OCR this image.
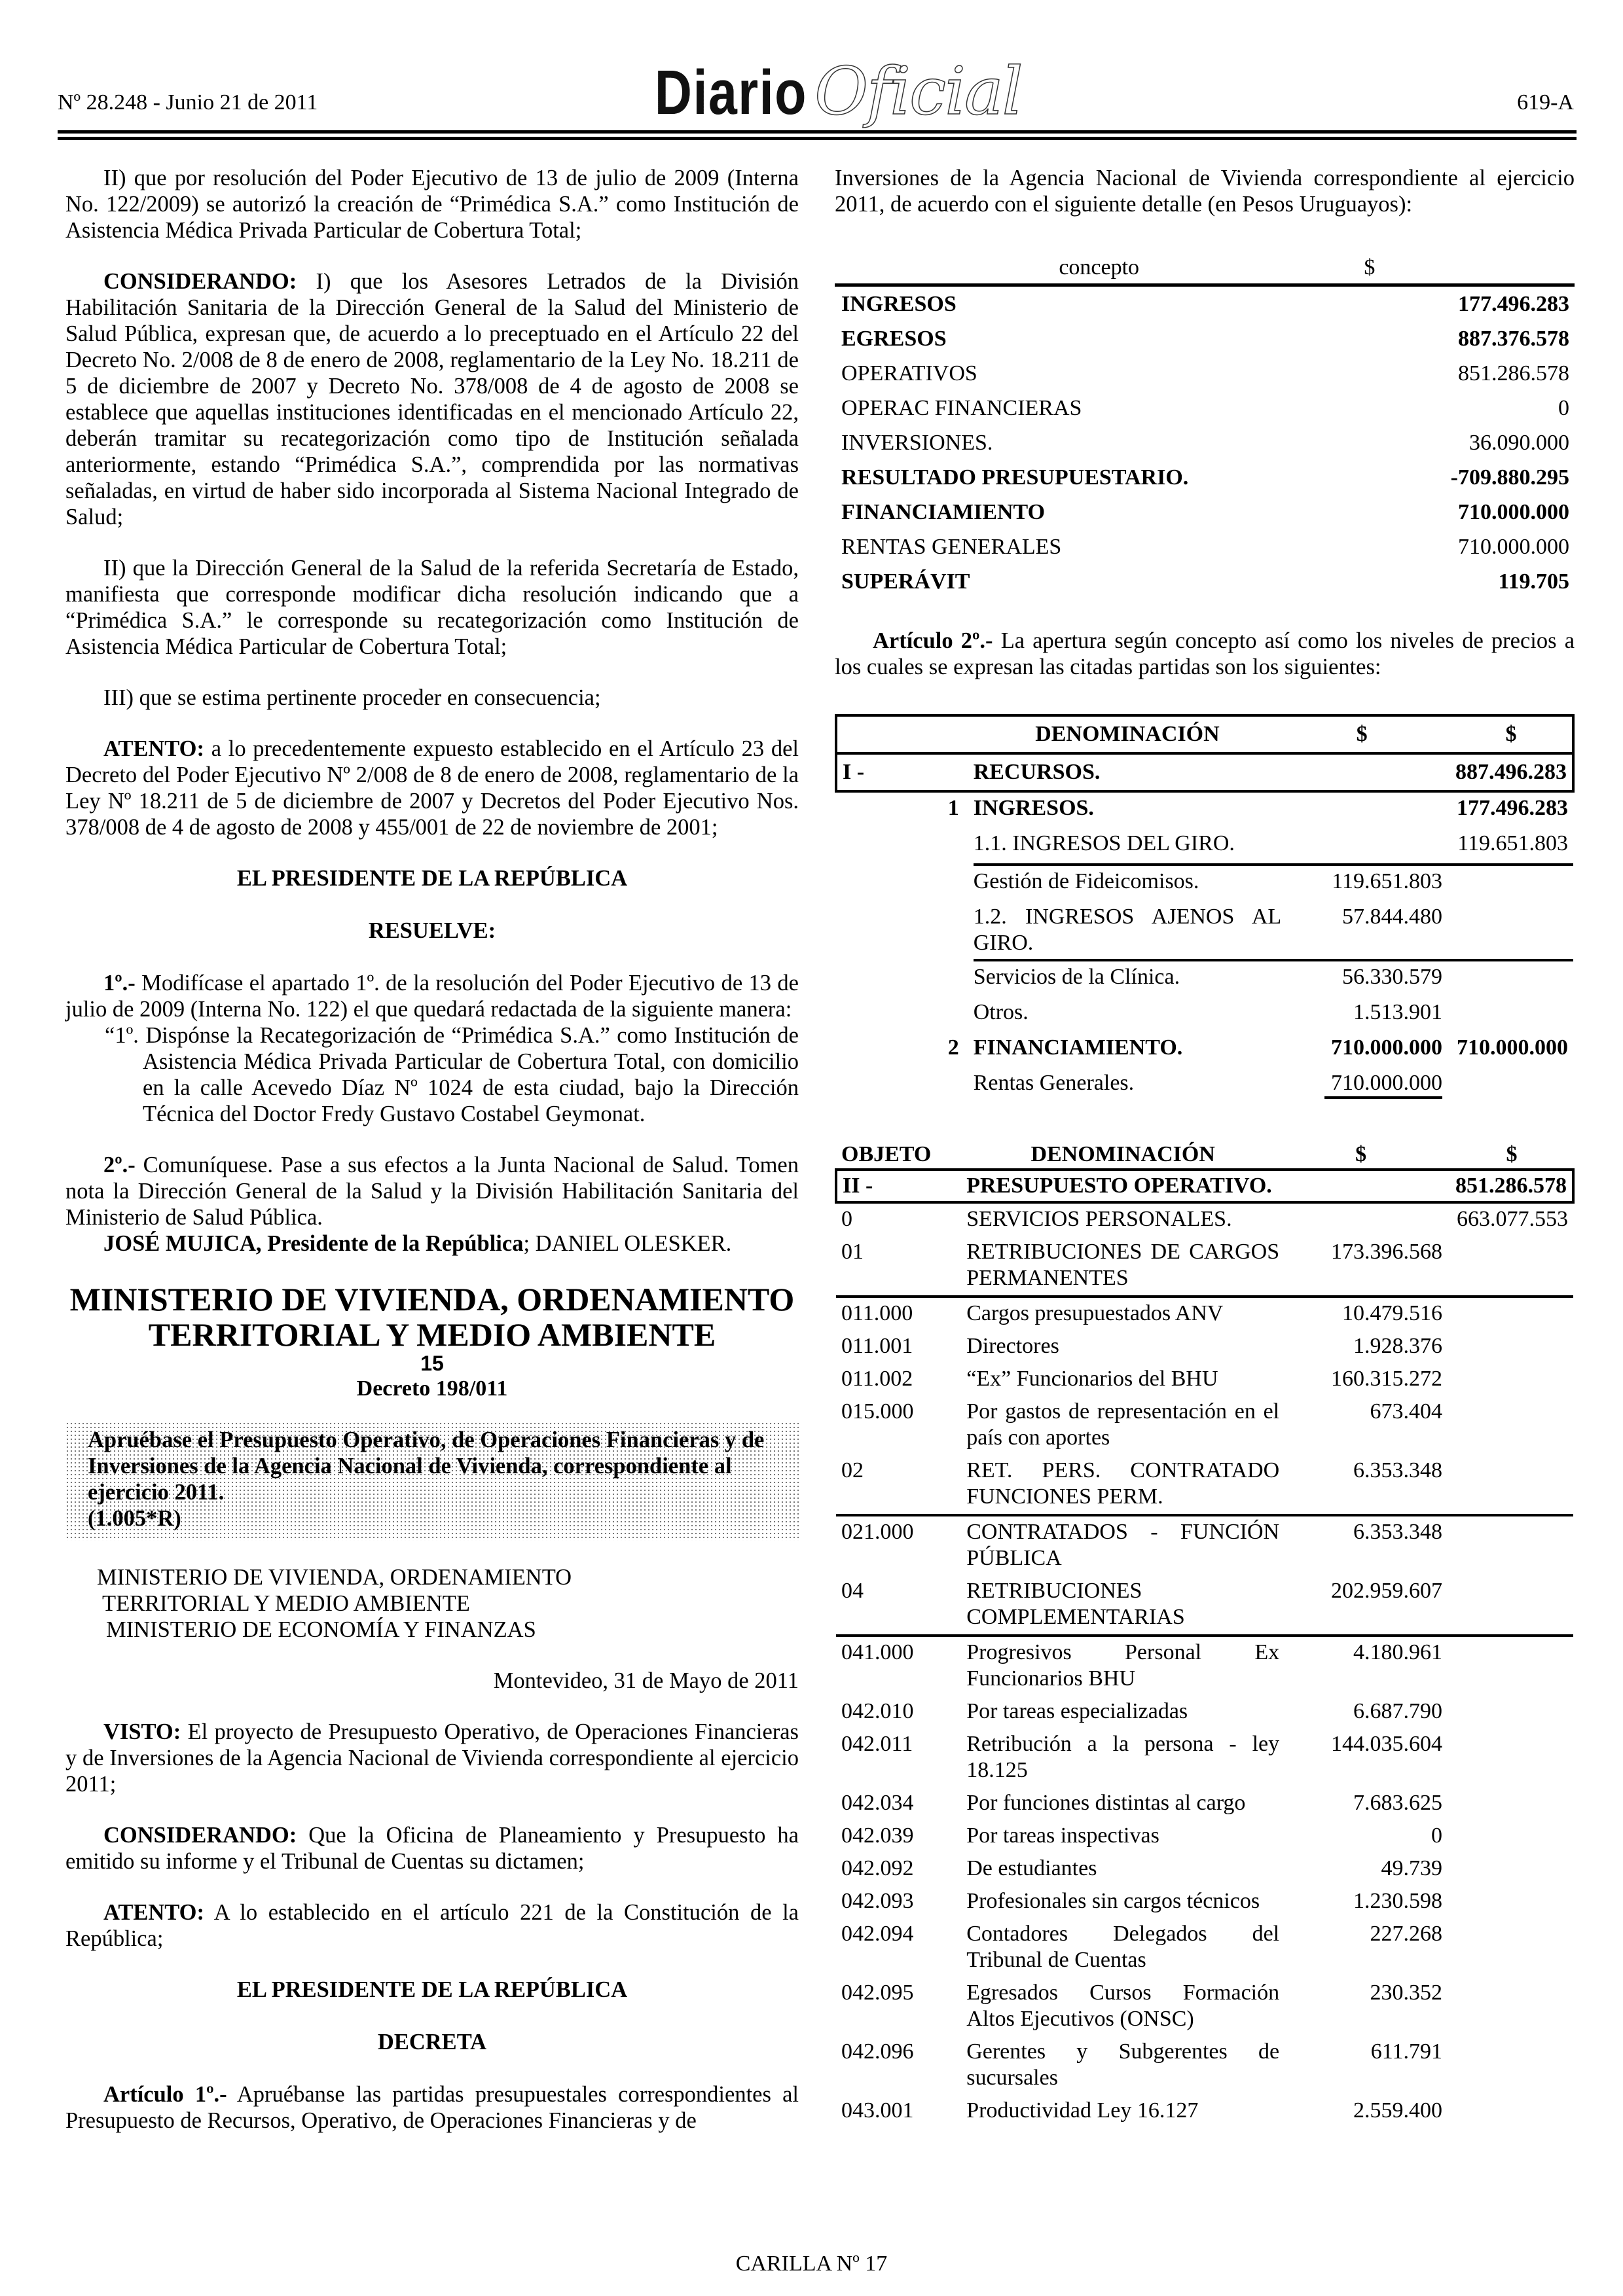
Nº 28.248 - Junio 21 de 2011	Diario Oficial	619-A

II) que por resolución del Poder Ejecutivo de 13 de julio de 2009 (Interna No. 122/2009) se autorizó la creación de “Primédica S.A.” como Institución de Asistencia Médica Privada Particular de Cobertura Total;

CONSIDERANDO: I) que los Asesores Letrados de la División Habilitación Sanitaria de la Dirección General de la Salud del Ministerio de Salud Pública, expresan que, de acuerdo a lo preceptuado en el Artículo 22 del Decreto No. 2/008 de 8 de enero de 2008, reglamentario de la Ley No. 18.211 de 5 de diciembre de 2007 y Decreto No. 378/008 de 4 de agosto de 2008 se establece que aquellas instituciones identificadas en el mencionado Artículo 22, deberán tramitar su recategorización como tipo de Institución señalada anteriormente, estando “Primédica S.A.”, comprendida por las normativas señaladas, en virtud de haber sido incorporada al Sistema Nacional Integrado de Salud;

II) que la Dirección General de la Salud de la referida Secretaría de Estado, manifiesta que corresponde modificar dicha resolución indicando que a “Primédica S.A.” le corresponde su recategorización como Institución de Asistencia Médica Particular de Cobertura Total;

III) que se estima pertinente proceder en consecuencia;

ATENTO: a lo precedentemente expuesto establecido en el Artículo 23 del Decreto del Poder Ejecutivo Nº 2/008 de 8 de enero de 2008, reglamentario de la Ley Nº 18.211 de 5 de diciembre de 2007 y Decretos del Poder Ejecutivo Nos. 378/008 de 4 de agosto de 2008 y 455/001 de 22 de noviembre de 2001;

EL PRESIDENTE DE LA REPÚBLICA
RESUELVE:

1º.- Modifícase el apartado 1º. de la resolución del Poder Ejecutivo de 13 de julio de 2009 (Interna No. 122) el que quedará redactada de la siguiente manera:

“1º. Dispónse la Recategorización de “Primédica S.A.” como Institución de Asistencia Médica Privada Particular de Cobertura Total, con domicilio en la calle Acevedo Díaz Nº 1024 de esta ciudad, bajo la Dirección Técnica del Doctor Fredy Gustavo Costabel Geymonat.

2º.- Comuníquese. Pase a sus efectos a la Junta Nacional de Salud. Tomen nota la Dirección General de la Salud y la División Habilitación Sanitaria del Ministerio de Salud Pública.

JOSÉ MUJICA, Presidente de la República; DANIEL OLESKER.

MINISTERIO DE VIVIENDA, ORDENAMIENTO
TERRITORIAL Y MEDIO AMBIENTE
15
Decreto 198/011
Apruébase el Presupuesto Operativo, de Operaciones Financieras y de Inversiones de la Agencia Nacional de Vivienda, correspondiente al ejercicio 2011.
(1.005*R)
MINISTERIO DE VIVIENDA, ORDENAMIENTO
TERRITORIAL Y MEDIO AMBIENTE
MINISTERIO DE ECONOMÍA Y FINANZAS
Montevideo, 31 de Mayo de 2011

VISTO: El proyecto de Presupuesto Operativo, de Operaciones Financieras y de Inversiones de la Agencia Nacional de Vivienda correspondiente al ejercicio 2011;

CONSIDERANDO: Que la Oficina de Planeamiento y Presupuesto ha emitido su informe y el Tribunal de Cuentas su dictamen;

ATENTO: A lo establecido en el artículo 221 de la Constitución de la República;

EL PRESIDENTE DE LA REPÚBLICA
DECRETA

Artículo 1º.- Apruébanse las partidas presupuestales correspondientes al Presupuesto de Recursos, Operativo, de Operaciones Financieras y de

Inversiones de la Agencia Nacional de Vivienda correspondiente al ejercicio 2011, de acuerdo con el siguiente detalle (en Pesos Uruguayos):

concepto	$
INGRESOS	177.496.283
EGRESOS	887.376.578
OPERATIVOS	851.286.578
OPERAC FINANCIERAS	0
INVERSIONES.	36.090.000
RESULTADO PRESUPUESTARIO.	-709.880.295
FINANCIAMIENTO	710.000.000
RENTAS GENERALES	710.000.000
SUPERÁVIT	119.705

Artículo 2º.- La apertura según concepto así como los niveles de precios a los cuales se expresan las citadas partidas son los siguientes:

	DENOMINACIÓN	$	$
I -	RECURSOS.		887.496.283
1	INGRESOS.		177.496.283
	1.1. INGRESOS DEL GIRO.		119.651.803
	Gestión de Fideicomisos.	119.651.803	
	1.2. INGRESOS AJENOS AL GIRO.	57.844.480	
	Servicios de la Clínica.	56.330.579	
	Otros.	1.513.901	
2	FINANCIAMIENTO.	710.000.000	710.000.000
	Rentas Generales.	710.000.000	
OBJETO	DENOMINACIÓN	$	$
II -	PRESUPUESTO OPERATIVO.		851.286.578
0	SERVICIOS PERSONALES.		663.077.553
01	RETRIBUCIONES DE CARGOS PERMANENTES	173.396.568	
011.000	Cargos presupuestados ANV	10.479.516	
011.001	Directores	1.928.376	
011.002	“Ex” Funcionarios del BHU	160.315.272	
015.000	Por gastos de representación en el país con aportes	673.404	
02	RET. PERS. CONTRATADO FUNCIONES PERM.	6.353.348	
021.000	CONTRATADOS - FUNCIÓN PÚBLICA	6.353.348	
04	RETRIBUCIONES COMPLEMENTARIAS	202.959.607	
041.000	Progresivos Personal Ex Funcionarios BHU	4.180.961	
042.010	Por tareas especializadas	6.687.790	
042.011	Retribución a la persona - ley 18.125	144.035.604	
042.034	Por funciones distintas al cargo	7.683.625	
042.039	Por tareas inspectivas	0	
042.092	De estudiantes	49.739	
042.093	Profesionales sin cargos técnicos	1.230.598	
042.094	Contadores Delegados del Tribunal de Cuentas	227.268	
042.095	Egresados Cursos Formación Altos Ejecutivos (ONSC)	230.352	
042.096	Gerentes y Subgerentes de sucursales	611.791	
043.001	Productividad Ley 16.127	2.559.400	
CARILLA Nº 17
